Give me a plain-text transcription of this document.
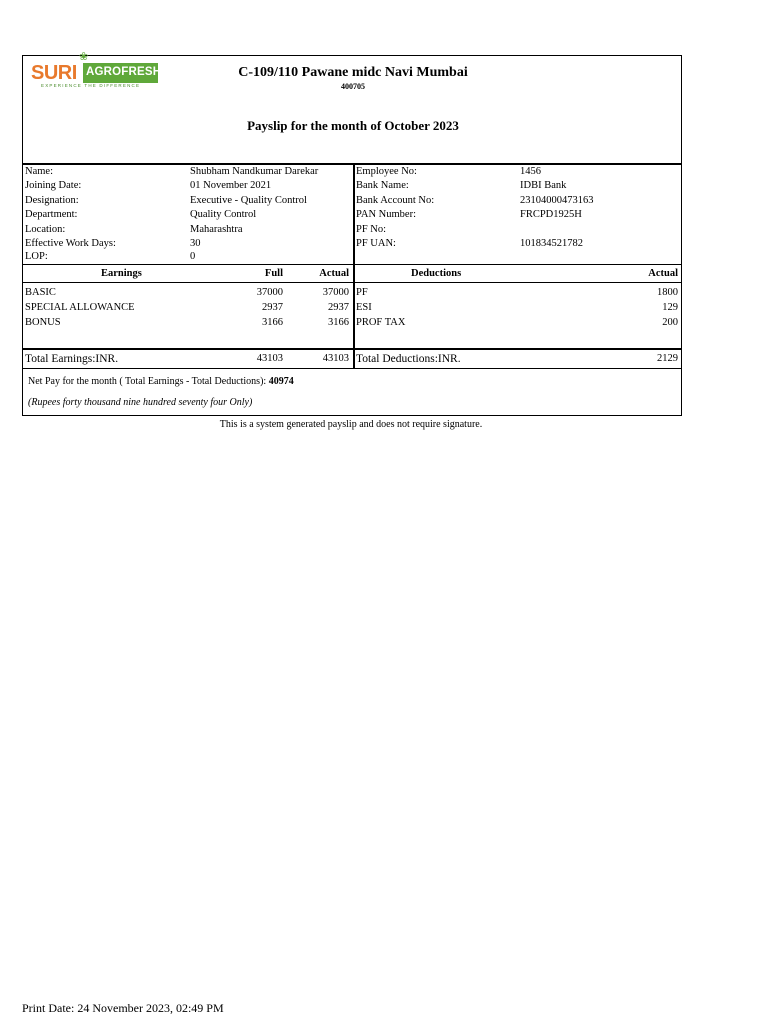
❀
SURI AGROFRESH
EXPERIENCE THE DIFFERENCE
C-109/110 Pawane midc Navi Mumbai
400705
Payslip for the month of October 2023
Name:	Shubham Nandkumar Darekar
Joining Date:	01 November 2021
Designation:	Executive - Quality Control
Department:	Quality Control
Location:	Maharashtra
Effective Work Days:	30
LOP:	0
Employee No:	1456
Bank Name:	IDBI Bank
Bank Account No:	23104000473163
PAN Number:	FRCPD1925H
PF No:
PF UAN:	101834521782
Earnings	Full	Actual	Deductions	Actual
BASIC	37000	37000
SPECIAL ALLOWANCE	2937	2937
BONUS	3166	3166
PF	1800
ESI	129
PROF TAX	200
Total Earnings:INR.	43103	43103 Total Deductions:INR.	2129
Net Pay for the month ( Total Earnings - Total Deductions): 40974
(Rupees forty thousand nine hundred seventy four Only)
This is a system generated payslip and does not require signature.
Print Date: 24 November 2023, 02:49 PM
